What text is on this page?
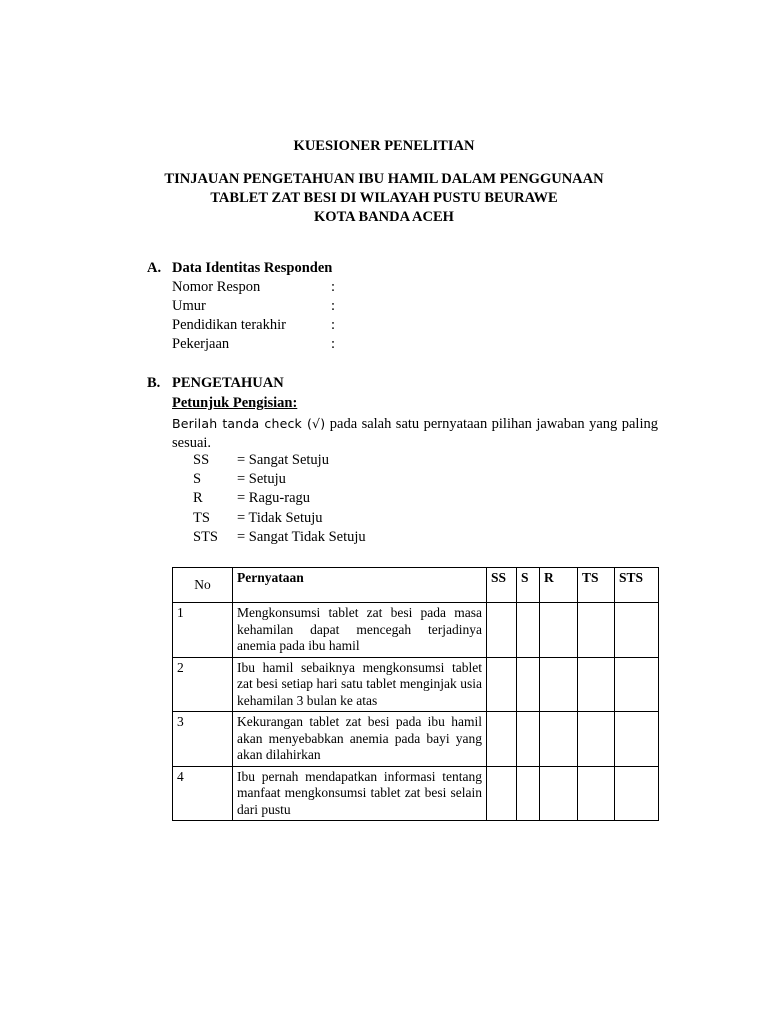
KUESIONER PENELITIAN
TINJAUAN PENGETAHUAN IBU HAMIL DALAM PENGGUNAAN
TABLET ZAT BESI DI WILAYAH PUSTU BEURAWE
KOTA BANDA ACEH
A. Data Identitas Responden
Nomor Respon	:
Umur	:
Pendidikan terakhir	:
Pekerjaan	:
B. PENGETAHUAN
Petunjuk Pengisian:
Berilah tanda check (√) pada salah satu pernyataan pilihan jawaban yang paling sesuai.
SS = Sangat Setuju
S = Setuju
R = Ragu-ragu
TS = Tidak Setuju
STS = Sangat Tidak Setuju
No	Pernyataan	SS	S	R	TS	STS
1	Mengkonsumsi tablet zat besi pada masa kehamilan dapat mencegah terjadinya anemia pada ibu hamil					
2	Ibu hamil sebaiknya mengkonsumsi tablet zat besi setiap hari satu tablet menginjak usia kehamilan 3 bulan ke atas					
3	Kekurangan tablet zat besi pada ibu hamil akan menyebabkan anemia pada bayi yang akan dilahirkan					
4	Ibu pernah mendapatkan informasi tentang manfaat mengkonsumsi tablet zat besi selain dari pustu					
